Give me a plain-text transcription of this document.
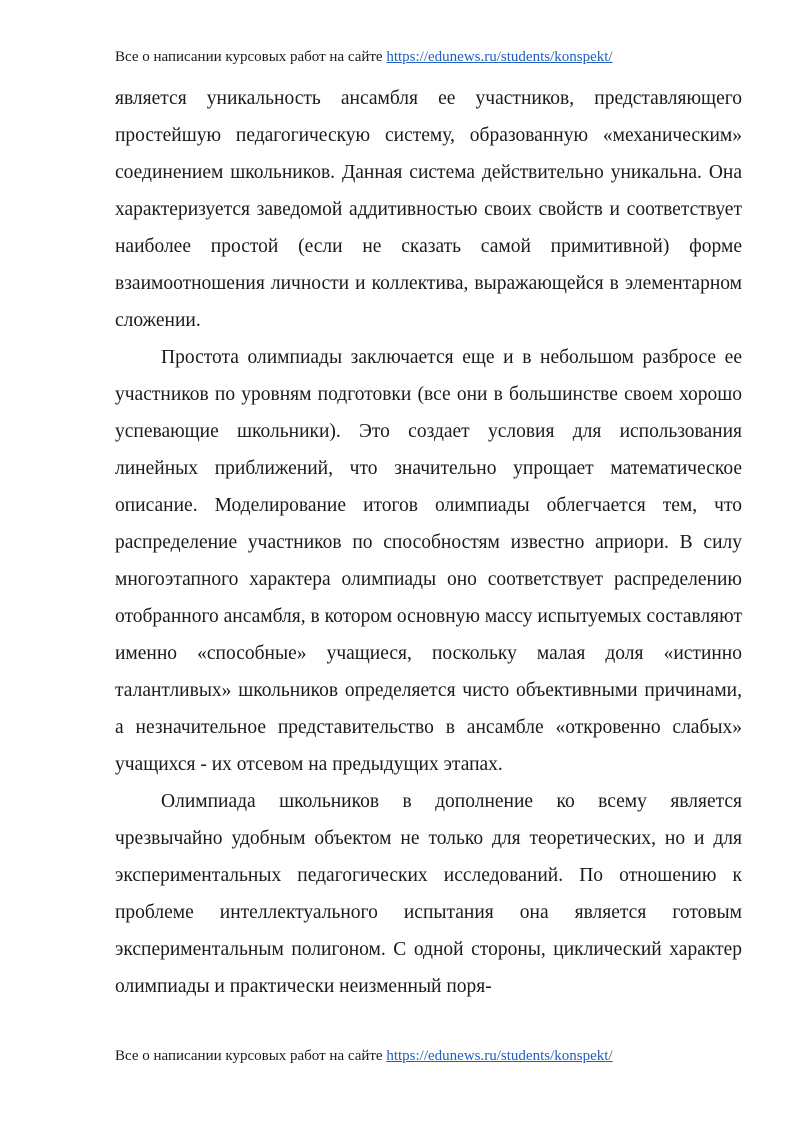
Все о написании курсовых работ на сайте https://edunews.ru/students/konspekt/

является уникальность ансамбля ее участников, представляющего простейшую педагогическую систему, образованную «механическим» соединением школьников. Данная система действительно уникальна. Она характеризуется заведомой аддитивностью своих свойств и соответствует наиболее простой (если не сказать самой примитивной) форме взаимоотношения личности и коллектива, выражающейся в элементарном сложении.

Простота олимпиады заключается еще и в небольшом разбросе ее участников по уровням подготовки (все они в большинстве своем хорошо успевающие школьники). Это создает условия для использования линейных приближений, что значительно упрощает математическое описание. Моделирование итогов олимпиады облегчается тем, что распределение участников по способностям известно априори. В силу многоэтапного характера олимпиады оно соответствует распределению отобранного ансамбля, в котором основную массу испытуемых составляют именно «способные» учащиеся, поскольку малая доля «истинно талантливых» школьников определяется чисто объективными причинами, а незначительное представительство в ансамбле «откровенно слабых» учащихся - их отсевом на предыдущих этапах.

Олимпиада школьников в дополнение ко всему является чрезвычайно удобным объектом не только для теоретических, но и для экспериментальных педагогических исследований. По отношению к проблеме интеллектуального испытания она является готовым экспериментальным полигоном. С одной стороны, циклический характер олимпиады и практически неизменный поря-

Все о написании курсовых работ на сайте https://edunews.ru/students/konspekt/
